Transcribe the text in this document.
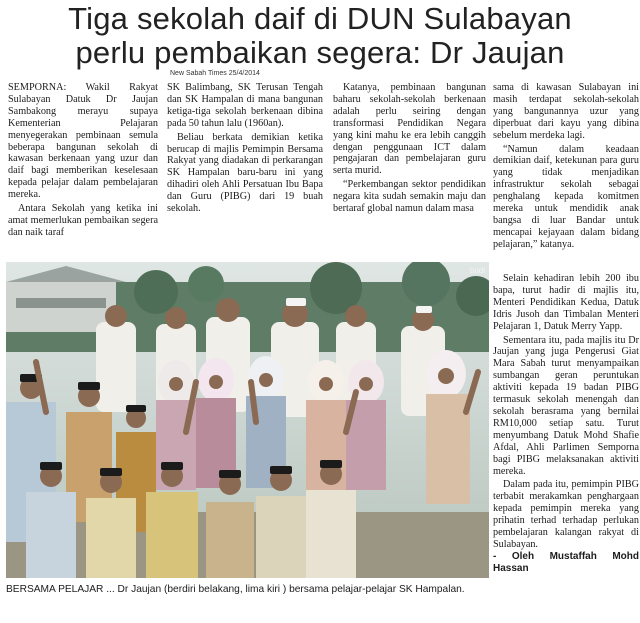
Tiga sekolah daif di DUN Sulabayan
perlu pembaikan segera: Dr Jaujan
New Sabah Times 25/4/2014

SEMPORNA: Wakil Rakyat Sulabayan Datuk Dr Jaujan Sambakong merayu supaya Kementerian Pelajaran menyegerakan pembinaan semula beberapa bangunan sekolah di kawasan berkenaan yang uzur dan daif bagi memberikan keselesaan kepada pelajar dalam pembelajaran mereka.

Antara Sekolah yang ketika ini amat memerlukan pembaikan segera dan naik taraf

SK Balimbang, SK Terusan Tengah dan SK Hampalan di mana bangunan ketiga-tiga sekolah berkenaan dibina pada 50 tahun lalu (1960an).

Beliau berkata demikian ketika berucap di majlis Pemimpin Bersama Rakyat yang diadakan di perkarangan SK Hampalan baru-baru ini yang dihadiri oleh Ahli Persatuan Ibu Bapa dan Guru (PIBG) dari 19 buah sekolah.

Katanya, pembinaan bangunan baharu sekolah-sekolah berkenaan adalah perlu seiring dengan transformasi Pendidikan Negara yang kini mahu ke era lebih canggih dengan penggunaan ICT dalam pengajaran dan pembelajaran guru serta murid.

“Perkembangan sektor pendidikan negara kita sudah semakin maju dan bertaraf global namun dalam masa

sama di kawasan Sulabayan ini masih terdapat sekolah-sekolah yang bangunannya uzur yang diperbuat dari kayu yang dibina sebelum merdeka lagi.

“Namun dalam keadaan demikian daif, ketekunan para guru yang tidak menjadikan infrastruktur sekolah sebagai penghalang kepada komitmen mereka untuk mendidik anak bangsa di luar Bandar untuk mencapai kejayaan dalam bidang pelajaran,” katanya.

Selain kehadiran lebih 200 ibu bapa, turut hadir di majlis itu, Menteri Pendidikan Kedua, Datuk Idris Jusoh dan Timbalan Menteri Pelajaran 1, Datuk Merry Yapp.

Sementara itu, pada majlis itu Dr Jaujan yang juga Pengerusi Giat Mara Sabah turut menyampaikan sumbangan geran peruntukan aktiviti kepada 19 badan PIBG termasuk sekolah menengah dan sekolah berasrama yang bernilai RM10,000 setiap satu. Turut menyumbang Datuk Mohd Shafie Afdal, Ahli Parlimen Semporna bagi PIBG melaksanakan aktiviti mereka.

Dalam pada itu, pemimpin PIBG terbabit merakamkan penghargaan kepada pemimpin mereka yang prihatin terhad terhadap perlukan pembelajaran kalangan rakyat di Sulabayan.

- Oleh Mustaffah Mohd Hassan

budi
BERSAMA PELAJAR ... Dr Jaujan (berdiri belakang, lima kiri ) bersama pelajar-pelajar SK Hampalan.
